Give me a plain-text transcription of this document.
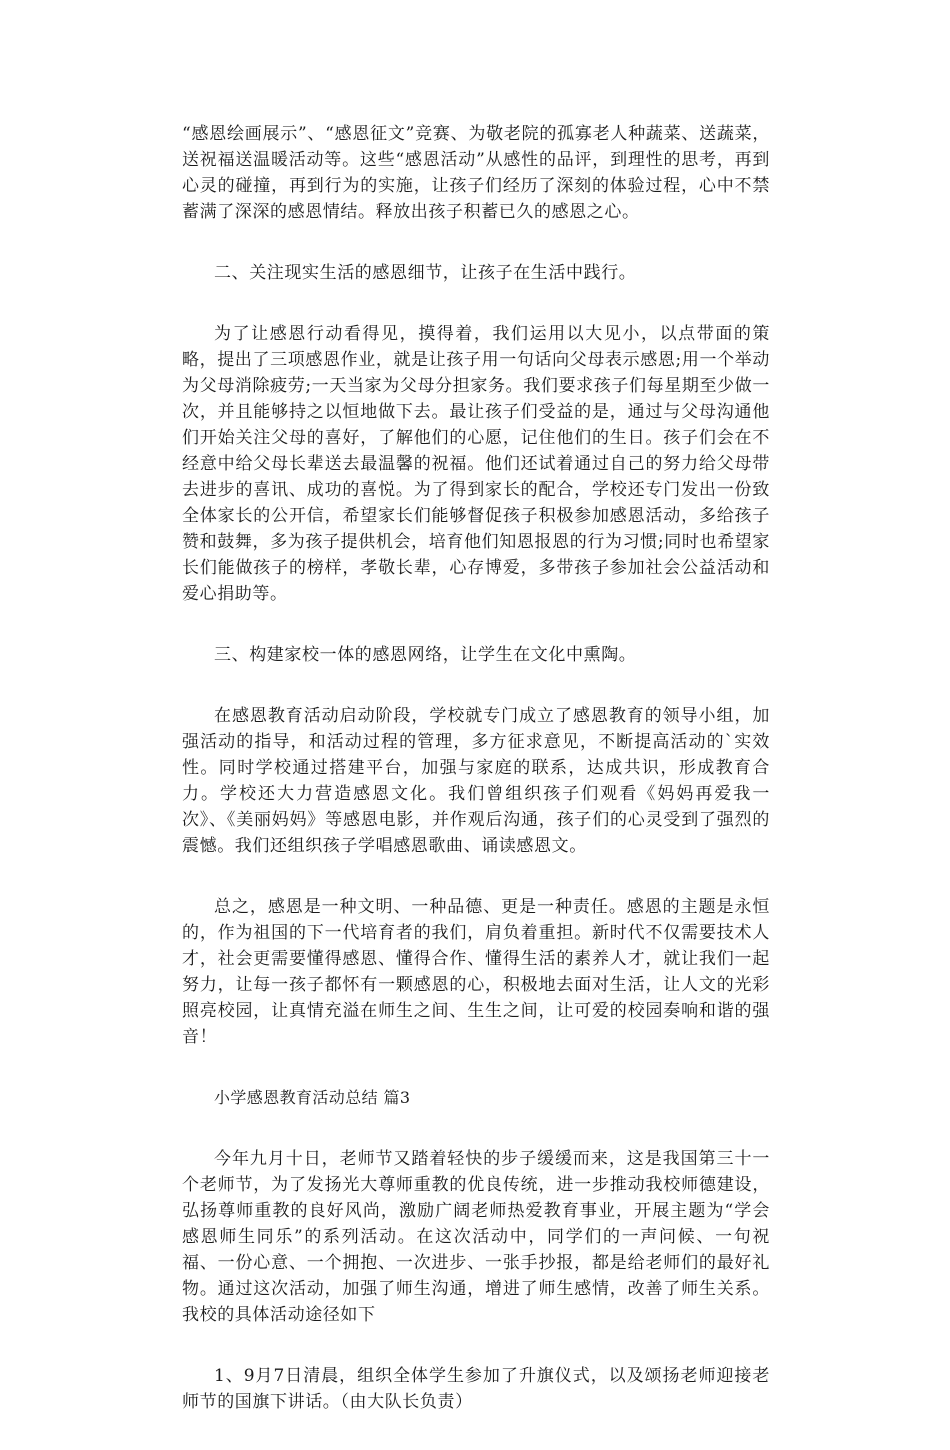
“感恩绘画展示”、“感恩征文”竞赛、为敬老院的孤寡老人种蔬菜、送蔬菜，送祝福送温暖活动等。这些“感恩活动”从感性的品评，到理性的思考，再到心灵的碰撞，再到行为的实施，让孩子们经历了深刻的体验过程，心中不禁蓄满了深深的感恩情结。释放出孩子积蓄已久的感恩之心。

二、关注现实生活的感恩细节，让孩子在生活中践行。

为了让感恩行动看得见，摸得着，我们运用以大见小，以点带面的策略，提出了三项感恩作业，就是让孩子用一句话向父母表示感恩;用一个举动为父母消除疲劳;一天当家为父母分担家务。我们要求孩子们每星期至少做一次，并且能够持之以恒地做下去。最让孩子们受益的是，通过与父母沟通他们开始关注父母的喜好，了解他们的心愿，记住他们的生日。孩子们会在不经意中给父母长辈送去最温馨的祝福。他们还试着通过自己的努力给父母带去进步的喜讯、成功的喜悦。为了得到家长的配合，学校还专门发出一份致全体家长的公开信，希望家长们能够督促孩子积极参加感恩活动，多给孩子赞和鼓舞，多为孩子提供机会，培育他们知恩报恩的行为习惯;同时也希望家长们能做孩子的榜样，孝敬长辈，心存博爱，多带孩子参加社会公益活动和爱心捐助等。

三、构建家校一体的感恩网络，让学生在文化中熏陶。

在感恩教育活动启动阶段，学校就专门成立了感恩教育的领导小组，加强活动的指导，和活动过程的管理，多方征求意见，不断提高活动的`实效性。同时学校通过搭建平台，加强与家庭的联系，达成共识，形成教育合力。学校还大力营造感恩文化。我们曾组织孩子们观看《妈妈再爱我一次》、《美丽妈妈》等感恩电影，并作观后沟通，孩子们的心灵受到了强烈的震憾。我们还组织孩子学唱感恩歌曲、诵读感恩文。

总之，感恩是一种文明、一种品德、更是一种责任。感恩的主题是永恒的，作为祖国的下一代培育者的我们，肩负着重担。新时代不仅需要技术人才，社会更需要懂得感恩、懂得合作、懂得生活的素养人才，就让我们一起努力，让每一孩子都怀有一颗感恩的心，积极地去面对生活，让人文的光彩照亮校园，让真情充溢在师生之间、生生之间，让可爱的校园奏响和谐的强音！

小学感恩教育活动总结 篇3

今年九月十日，老师节又踏着轻快的步子缓缓而来，这是我国第三十一个老师节，为了发扬光大尊师重教的优良传统，进一步推动我校师德建设，弘扬尊师重教的良好风尚，激励广阔老师热爱教育事业，开展主题为“学会感恩师生同乐”的系列活动。在这次活动中，同学们的一声问候、一句祝福、一份心意、一个拥抱、一次进步、一张手抄报，都是给老师们的最好礼物。通过这次活动，加强了师生沟通，增进了师生感情，改善了师生关系。我校的具体活动途径如下

1、9月7日清晨，组织全体学生参加了升旗仪式，以及颂扬老师迎接老师节的国旗下讲话。（由大队长负责）
